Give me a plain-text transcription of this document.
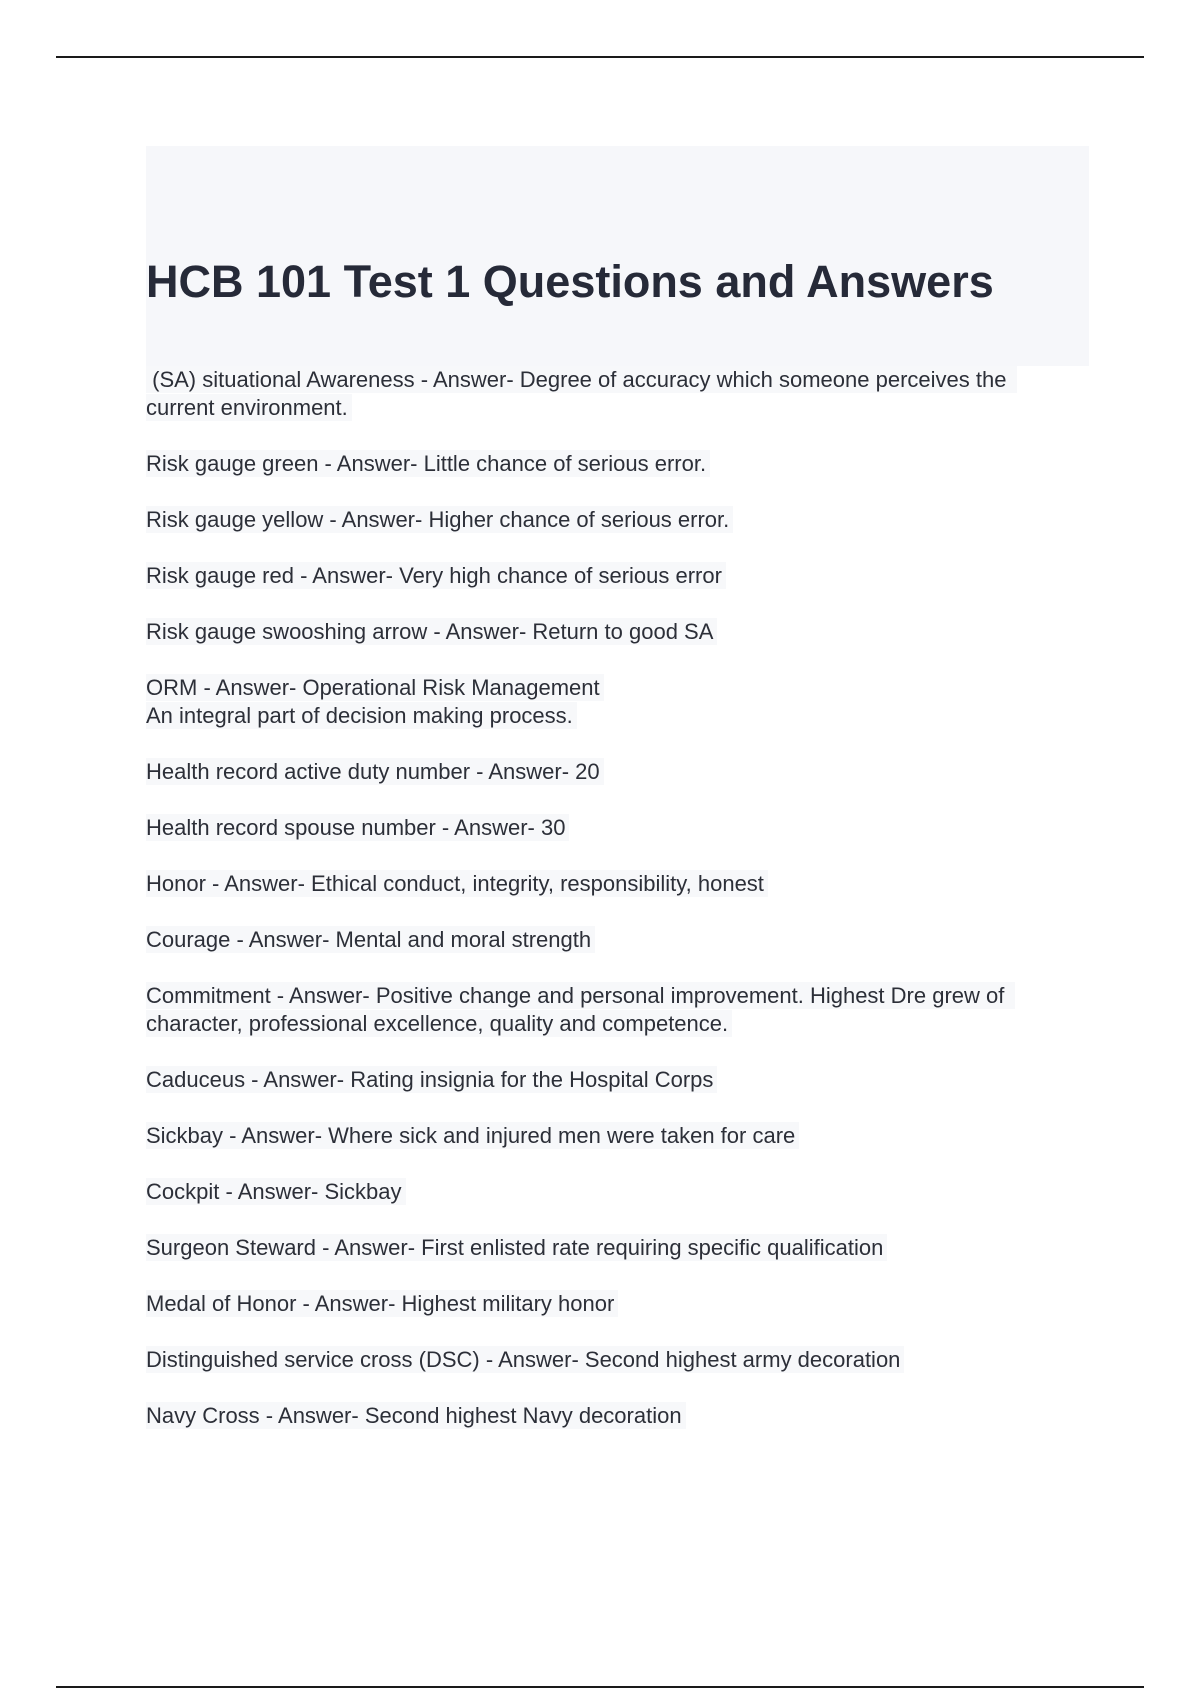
HCB 101 Test 1 Questions and Answers
(SA) situational Awareness - Answer- Degree of accuracy which someone perceives the current environment.
Risk gauge green - Answer- Little chance of serious error.
Risk gauge yellow - Answer- Higher chance of serious error.
Risk gauge red - Answer- Very high chance of serious error
Risk gauge swooshing arrow - Answer- Return to good SA
ORM - Answer- Operational Risk Management
An integral part of decision making process.
Health record active duty number - Answer- 20
Health record spouse number - Answer- 30
Honor - Answer- Ethical conduct, integrity, responsibility, honest
Courage - Answer- Mental and moral strength
Commitment - Answer- Positive change and personal improvement. Highest Dre grew of character, professional excellence, quality and competence.
Caduceus - Answer- Rating insignia for the Hospital Corps
Sickbay - Answer- Where sick and injured men were taken for care
Cockpit - Answer- Sickbay
Surgeon Steward - Answer- First enlisted rate requiring specific qualification
Medal of Honor - Answer- Highest military honor
Distinguished service cross (DSC) - Answer- Second highest army decoration
Navy Cross - Answer- Second highest Navy decoration
